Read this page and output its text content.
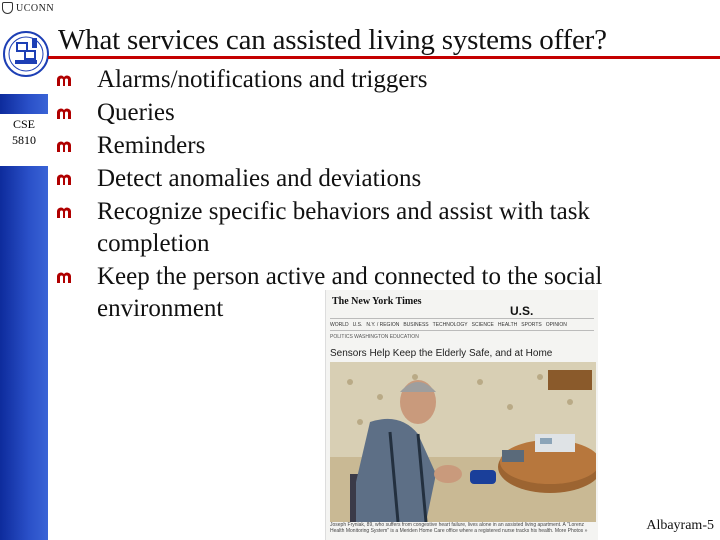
UCONN
CSE
5810
What services can assisted living systems offer?
Alarms/notifications and triggers
Queries
Reminders
Detect anomalies and deviations
Recognize specific behaviors and assist with task completion
Keep the person active and connected to the social environment	The New York Times
U.S.
WORLD U.S. N.Y. / REGION BUSINESS TECHNOLOGY SCIENCE HEALTH SPORTS OPINION
POLITICS WASHINGTON EDUCATION
Sensors Help Keep the Elderly Safe, and at Home
Joseph Fryniak, 89, who suffers from congestive heart failure, lives alone in an assisted living apartment. A "Lorenz Health Monitoring System" is a Meriden Home Care office where a registered nurse tracks his health. More Photos »	Albayram-5
